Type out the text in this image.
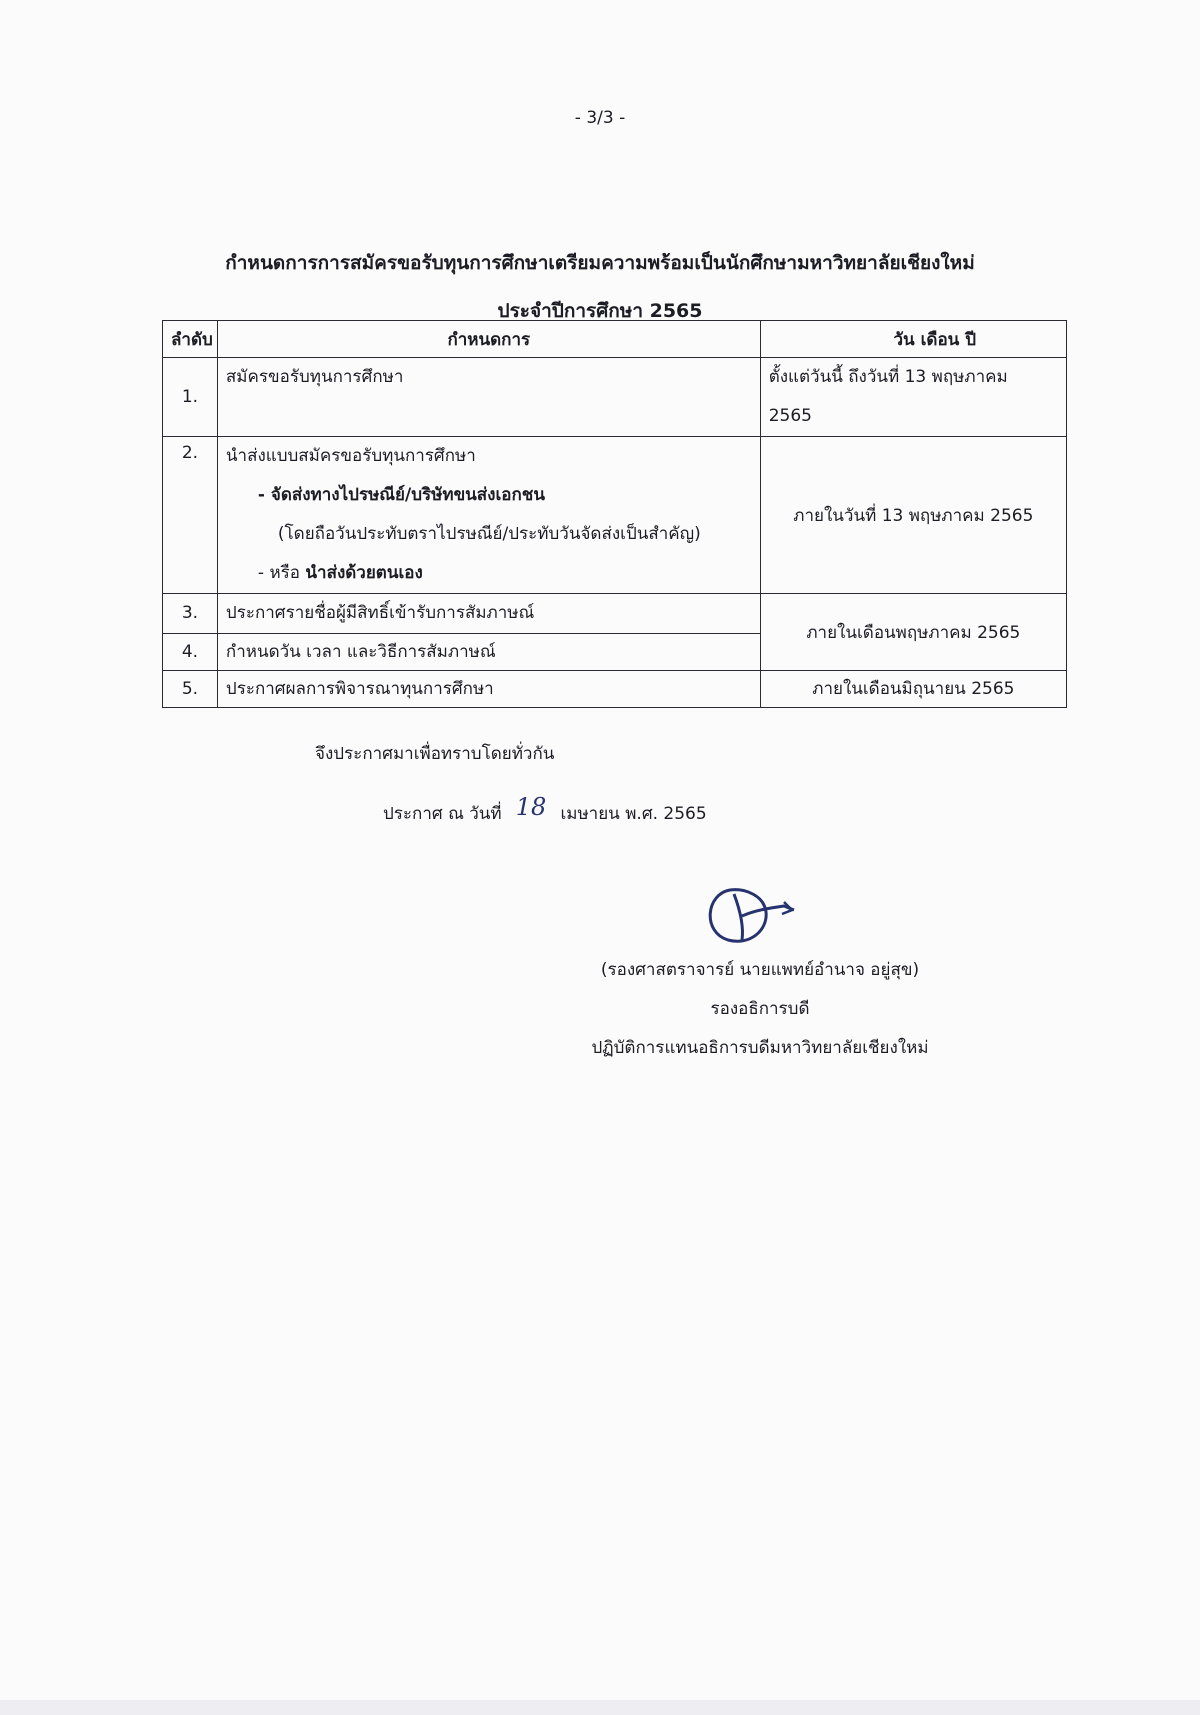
- 3/3 -
กำหนดการการสมัครขอรับทุนการศึกษาเตรียมความพร้อมเป็นนักศึกษามหาวิทยาลัยเชียงใหม่
ประจำปีการศึกษา 2565
ลำดับ	กำหนดการ	วัน เดือน ปี
1.	สมัครขอรับทุนการศึกษา	ตั้งแต่วันนี้ ถึงวันที่ 13 พฤษภาคม
2565

2.	นำส่งแบบสมัครขอรับทุนการศึกษา
- จัดส่งทางไปรษณีย์/บริษัทขนส่งเอกชน
(โดยถือวันประทับตราไปรษณีย์/ประทับวันจัดส่งเป็นสำคัญ)
- หรือ นำส่งด้วยตนเอง	ภายในวันที่ 13 พฤษภาคม 2565
3.	ประกาศรายชื่อผู้มีสิทธิ์เข้ารับการสัมภาษณ์	ภายในเดือนพฤษภาคม 2565
4.	กำหนดวัน เวลา และวิธีการสัมภาษณ์	
5.	ประกาศผลการพิจารณาทุนการศึกษา	ภายในเดือนมิถุนายน 2565
จึงประกาศมาเพื่อทราบโดยทั่วกัน
ประกาศ ณ วันที่ 18 เมษายน พ.ศ. 2565
(รองศาสตราจารย์ นายแพทย์อำนาจ อยู่สุข)
รองอธิการบดี
ปฏิบัติการแทนอธิการบดีมหาวิทยาลัยเชียงใหม่
